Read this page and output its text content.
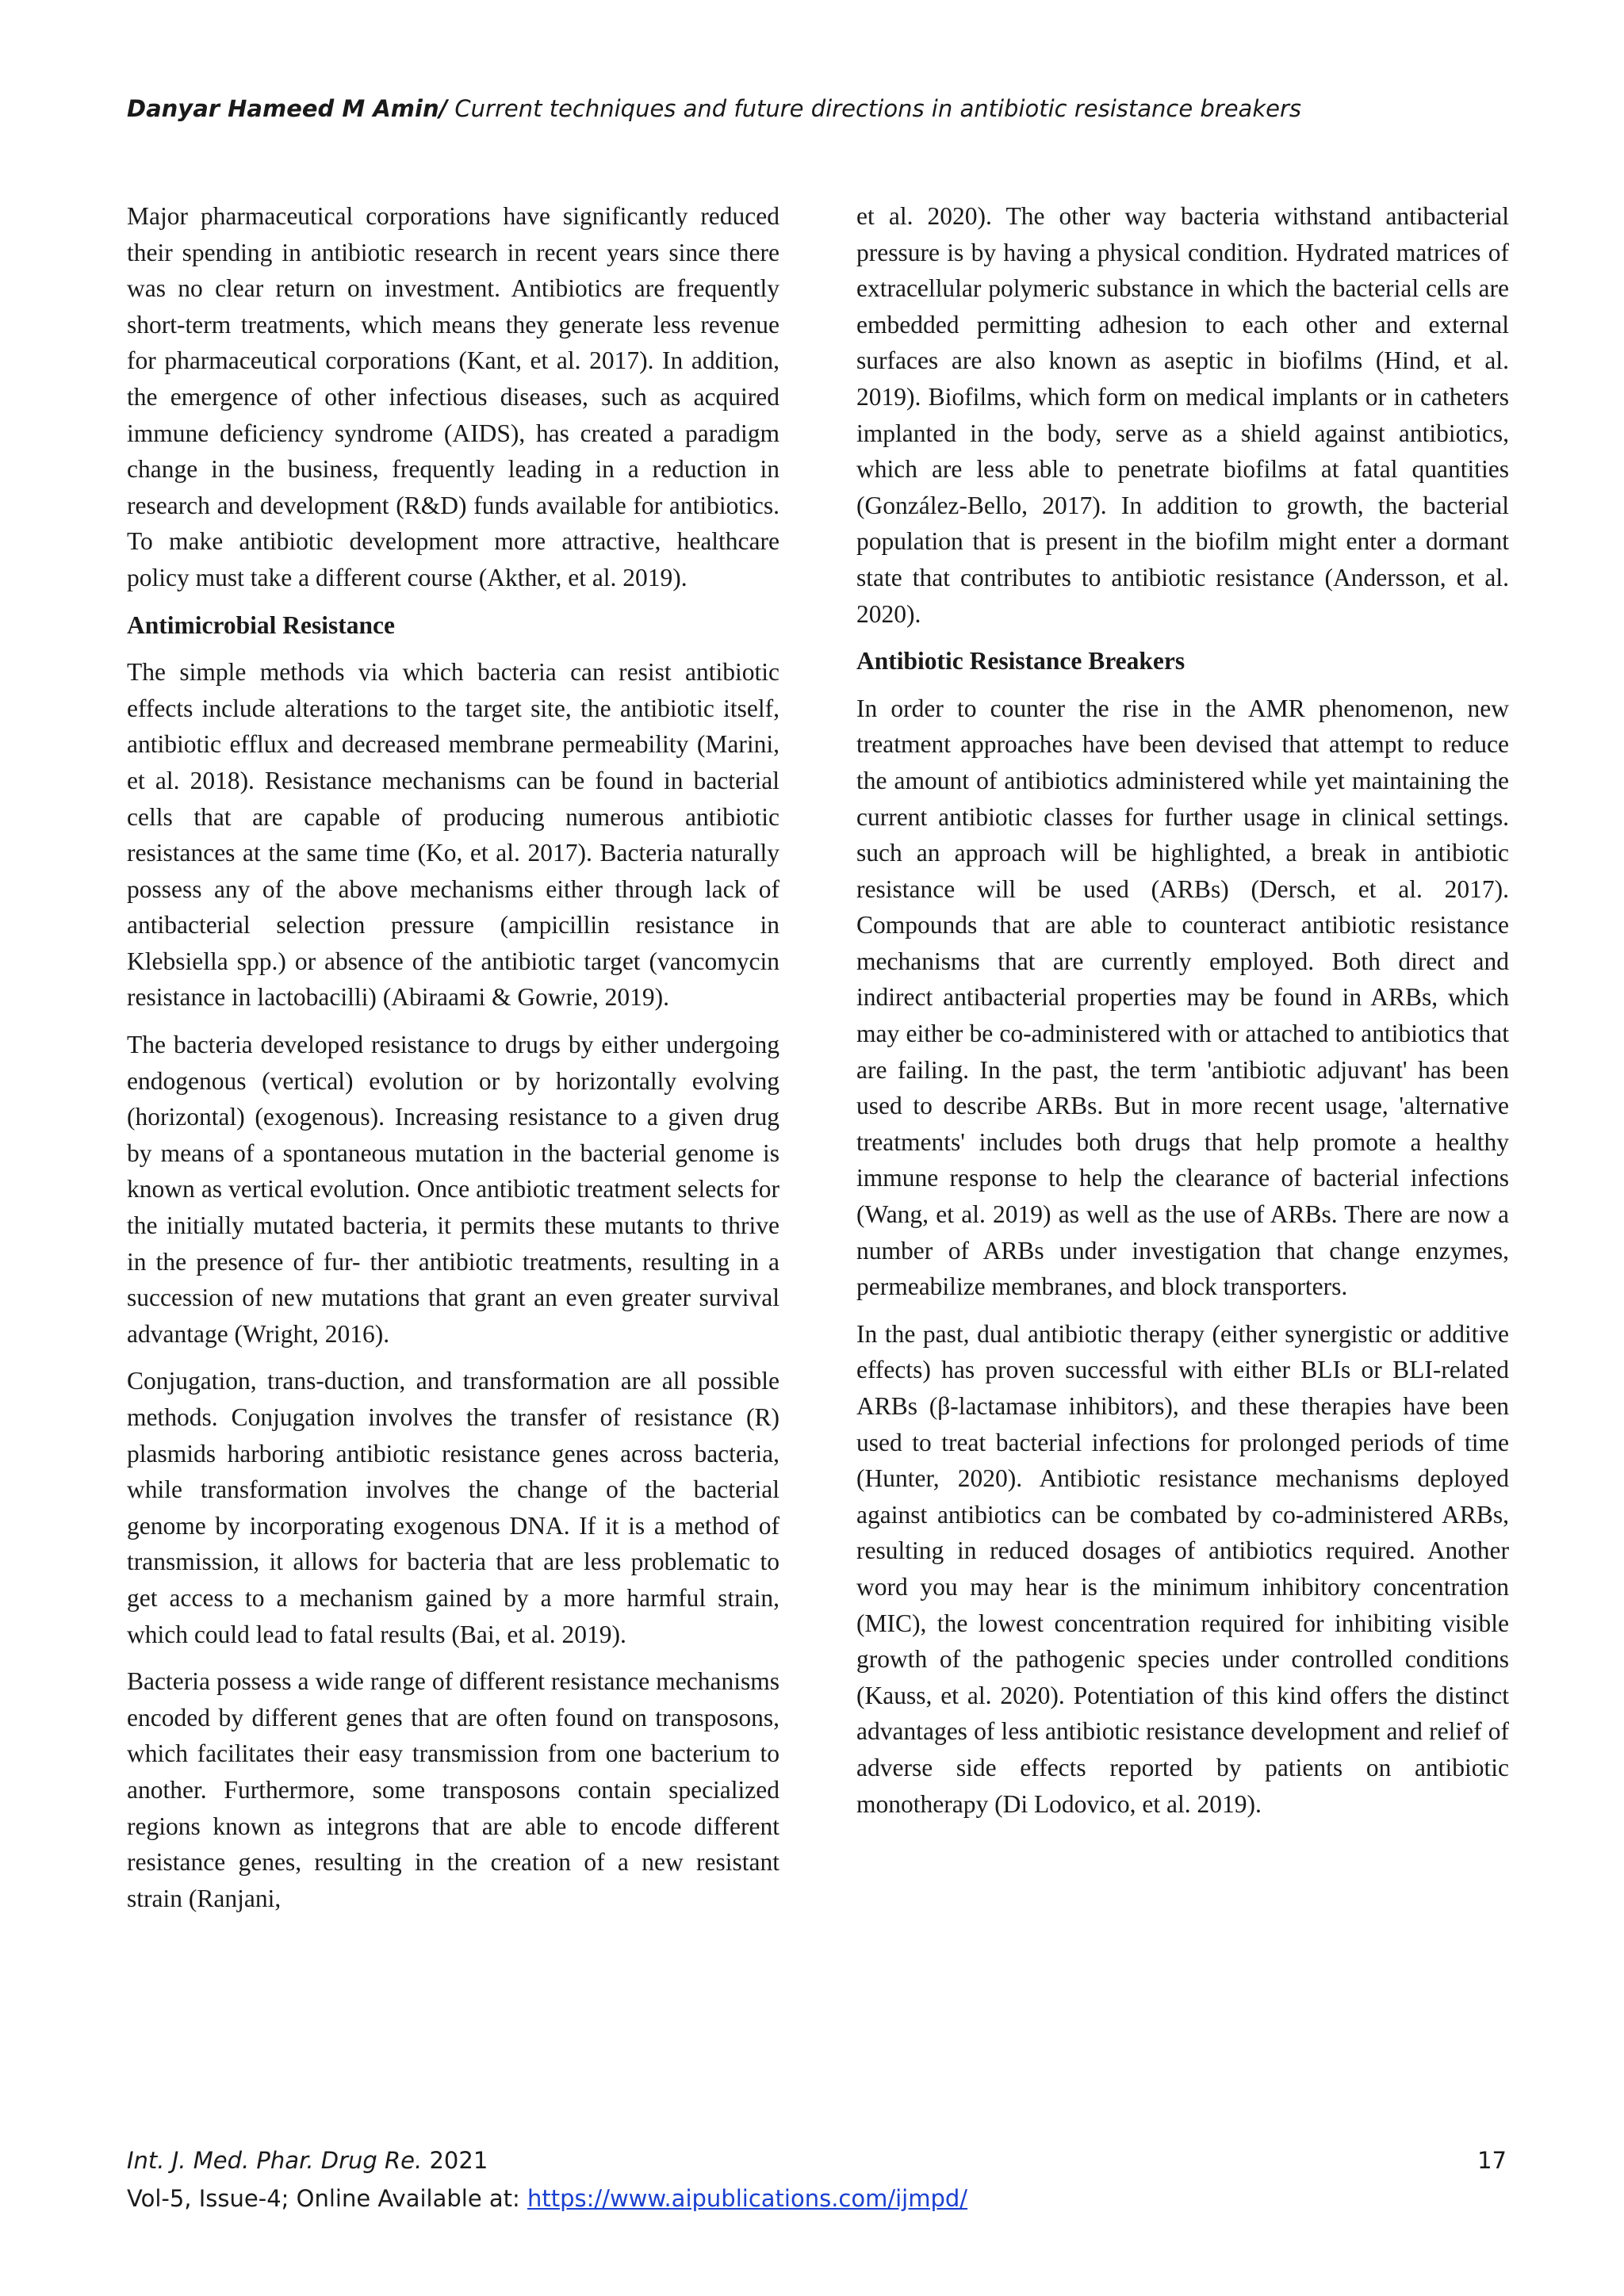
Danyar Hameed M Amin/ Current techniques and future directions in antibiotic resistance breakers

Major pharmaceutical corporations have significantly reduced their spending in antibiotic research in recent years since there was no clear return on investment. Antibiotics are frequently short-term treatments, which means they generate less revenue for pharmaceutical corporations (Kant, et al. 2017). In addition, the emergence of other infectious diseases, such as acquired immune deficiency syndrome (AIDS), has created a paradigm change in the business, frequently leading in a reduction in research and development (R&D) funds available for antibiotics. To make antibiotic development more attractive, healthcare policy must take a different course (Akther, et al. 2019).

Antimicrobial Resistance

The simple methods via which bacteria can resist antibiotic effects include alterations to the target site, the antibiotic itself, antibiotic efflux and decreased membrane permeability (Marini, et al. 2018). Resistance mechanisms can be found in bacterial cells that are capable of producing numerous antibiotic resistances at the same time (Ko, et al. 2017). Bacteria naturally possess any of the above mechanisms either through lack of antibacterial selection pressure (ampicillin resistance in Klebsiella spp.) or absence of the antibiotic target (vancomycin resistance in lactobacilli) (Abiraami & Gowrie, 2019).

The bacteria developed resistance to drugs by either undergoing endogenous (vertical) evolution or by horizontally evolving (horizontal) (exogenous). Increasing resistance to a given drug by means of a spontaneous mutation in the bacterial genome is known as vertical evolution. Once antibiotic treatment selects for the initially mutated bacteria, it permits these mutants to thrive in the presence of fur- ther antibiotic treatments, resulting in a succession of new mutations that grant an even greater survival advantage (Wright, 2016).

Conjugation, trans-duction, and transformation are all possible methods. Conjugation involves the transfer of resistance (R) plasmids harboring antibiotic resistance genes across bacteria, while transformation involves the change of the bacterial genome by incorporating exogenous DNA. If it is a method of transmission, it allows for bacteria that are less problematic to get access to a mechanism gained by a more harmful strain, which could lead to fatal results (Bai, et al. 2019).

Bacteria possess a wide range of different resistance mechanisms encoded by different genes that are often found on transposons, which facilitates their easy transmission from one bacterium to another. Furthermore, some transposons contain specialized regions known as integrons that are able to encode different resistance genes, resulting in the creation of a new resistant strain (Ranjani,

et al. 2020). The other way bacteria withstand antibacterial pressure is by having a physical condition. Hydrated matrices of extracellular polymeric substance in which the bacterial cells are embedded permitting adhesion to each other and external surfaces are also known as aseptic in biofilms (Hind, et al. 2019). Biofilms, which form on medical implants or in catheters implanted in the body, serve as a shield against antibiotics, which are less able to penetrate biofilms at fatal quantities (González-Bello, 2017). In addition to growth, the bacterial population that is present in the biofilm might enter a dormant state that contributes to antibiotic resistance (Andersson, et al. 2020).

Antibiotic Resistance Breakers

In order to counter the rise in the AMR phenomenon, new treatment approaches have been devised that attempt to reduce the amount of antibiotics administered while yet maintaining the current antibiotic classes for further usage in clinical settings. such an approach will be highlighted, a break in antibiotic resistance will be used (ARBs) (Dersch, et al. 2017). Compounds that are able to counteract antibiotic resistance mechanisms that are currently employed. Both direct and indirect antibacterial properties may be found in ARBs, which may either be co-administered with or attached to antibiotics that are failing. In the past, the term 'antibiotic adjuvant' has been used to describe ARBs. But in more recent usage, 'alternative treatments' includes both drugs that help promote a healthy immune response to help the clearance of bacterial infections (Wang, et al. 2019) as well as the use of ARBs. There are now a number of ARBs under investigation that change enzymes, permeabilize membranes, and block transporters.

In the past, dual antibiotic therapy (either synergistic or additive effects) has proven successful with either BLIs or BLI-related ARBs (β-lactamase inhibitors), and these therapies have been used to treat bacterial infections for prolonged periods of time (Hunter, 2020). Antibiotic resistance mechanisms deployed against antibiotics can be combated by co-administered ARBs, resulting in reduced dosages of antibiotics required. Another word you may hear is the minimum inhibitory concentration (MIC), the lowest concentration required for inhibiting visible growth of the pathogenic species under controlled conditions (Kauss, et al. 2020). Potentiation of this kind offers the distinct advantages of less antibiotic resistance development and relief of adverse side effects reported by patients on antibiotic monotherapy (Di Lodovico, et al. 2019).

Int. J. Med. Phar. Drug Re. 2021	17
Vol-5, Issue-4; Online Available at: https://www.aipublications.com/ijmpd/
